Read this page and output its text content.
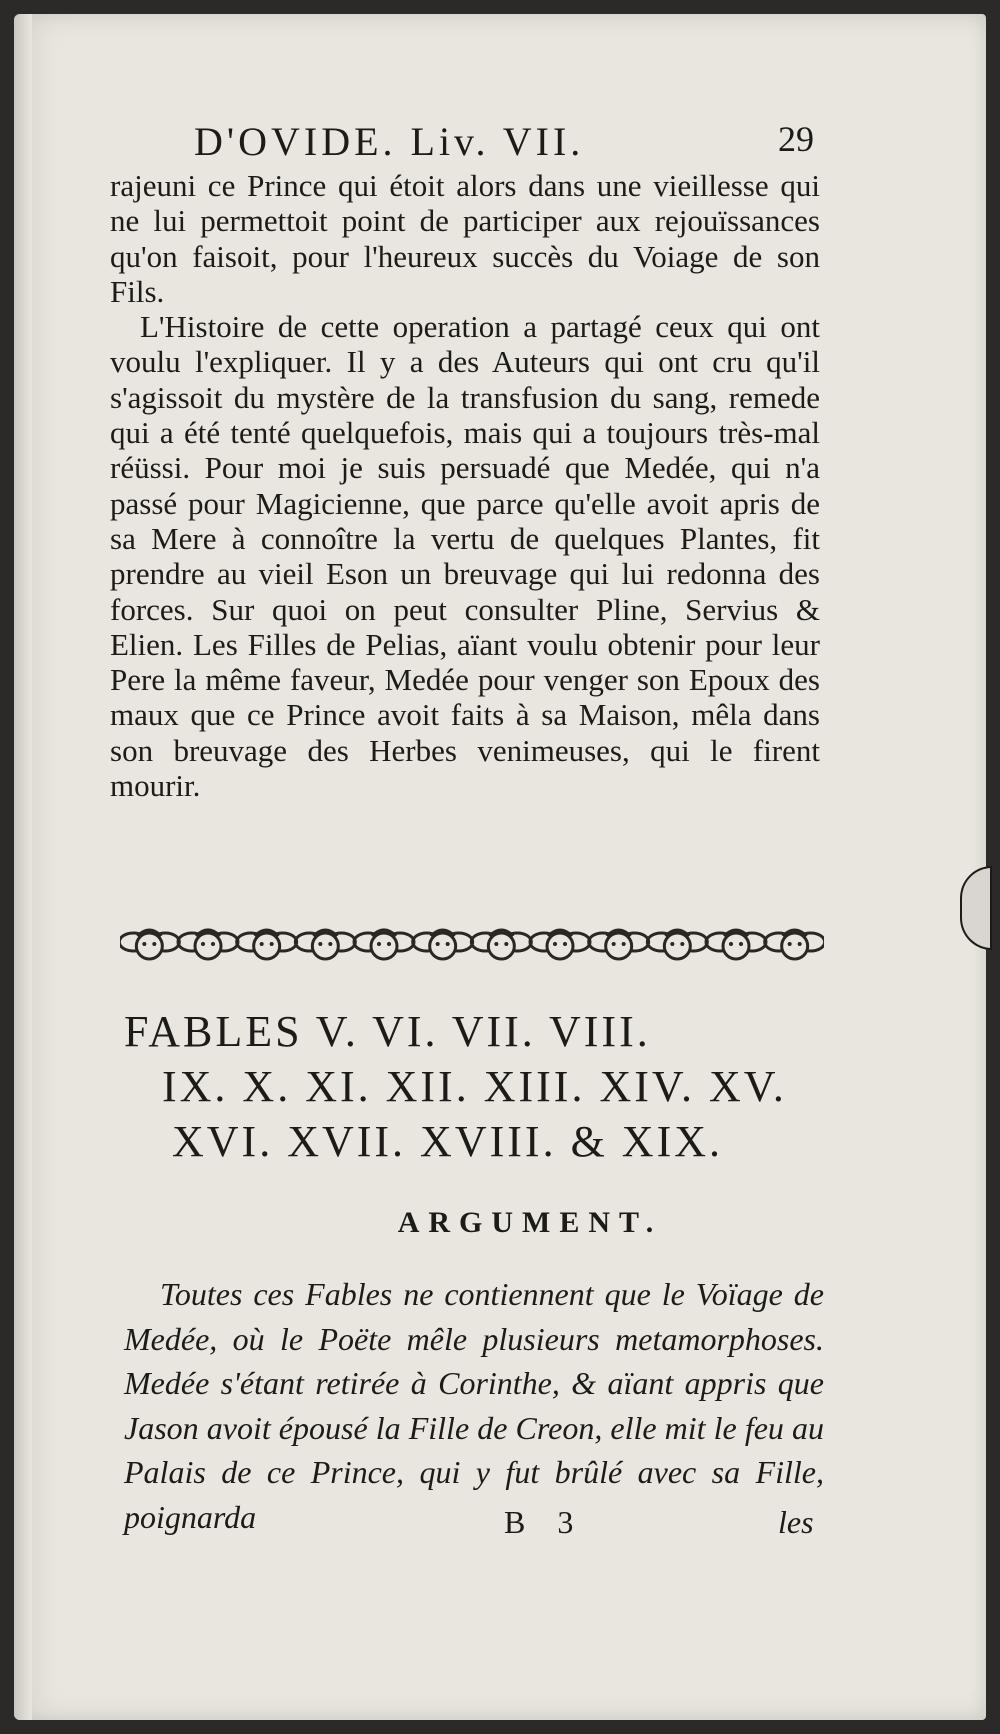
D'OVIDE. Liv. VII.	29

rajeuni ce Prince qui étoit alors dans une vieillesse qui ne lui permettoit point de participer aux rejouïssances qu'on faisoit, pour l'heureux succès du Voiage de son Fils.

L'Histoire de cette operation a partagé ceux qui ont voulu l'expliquer. Il y a des Auteurs qui ont cru qu'il s'agissoit du mystère de la transfusion du sang, remede qui a été tenté quelquefois, mais qui a toujours très-mal réüssi. Pour moi je suis persuadé que Medée, qui n'a passé pour Magicienne, que parce qu'elle avoit apris de sa Mere à connoître la vertu de quelques Plantes, fit prendre au vieil Eson un breuvage qui lui redonna des forces. Sur quoi on peut consulter Pline, Servius & Elien. Les Filles de Pelias, aïant voulu obtenir pour leur Pere la même faveur, Medée pour venger son Epoux des maux que ce Prince avoit faits à sa Maison, mêla dans son breuvage des Herbes venimeuses, qui le firent mourir.

FABLES V. VI. VII. VIII.
IX. X. XI. XII. XIII. XIV. XV.
XVI. XVII. XVIII. & XIX.
ARGUMENT.

Toutes ces Fables ne contiennent que le Voïage de Medée, où le Poëte mêle plusieurs metamorphoses. Medée s'étant retirée à Corinthe, & aïant appris que Jason avoit épousé la Fille de Creon, elle mit le feu au Palais de ce Prince, qui y fut brûlé avec sa Fille, poignarda	B 3	les
